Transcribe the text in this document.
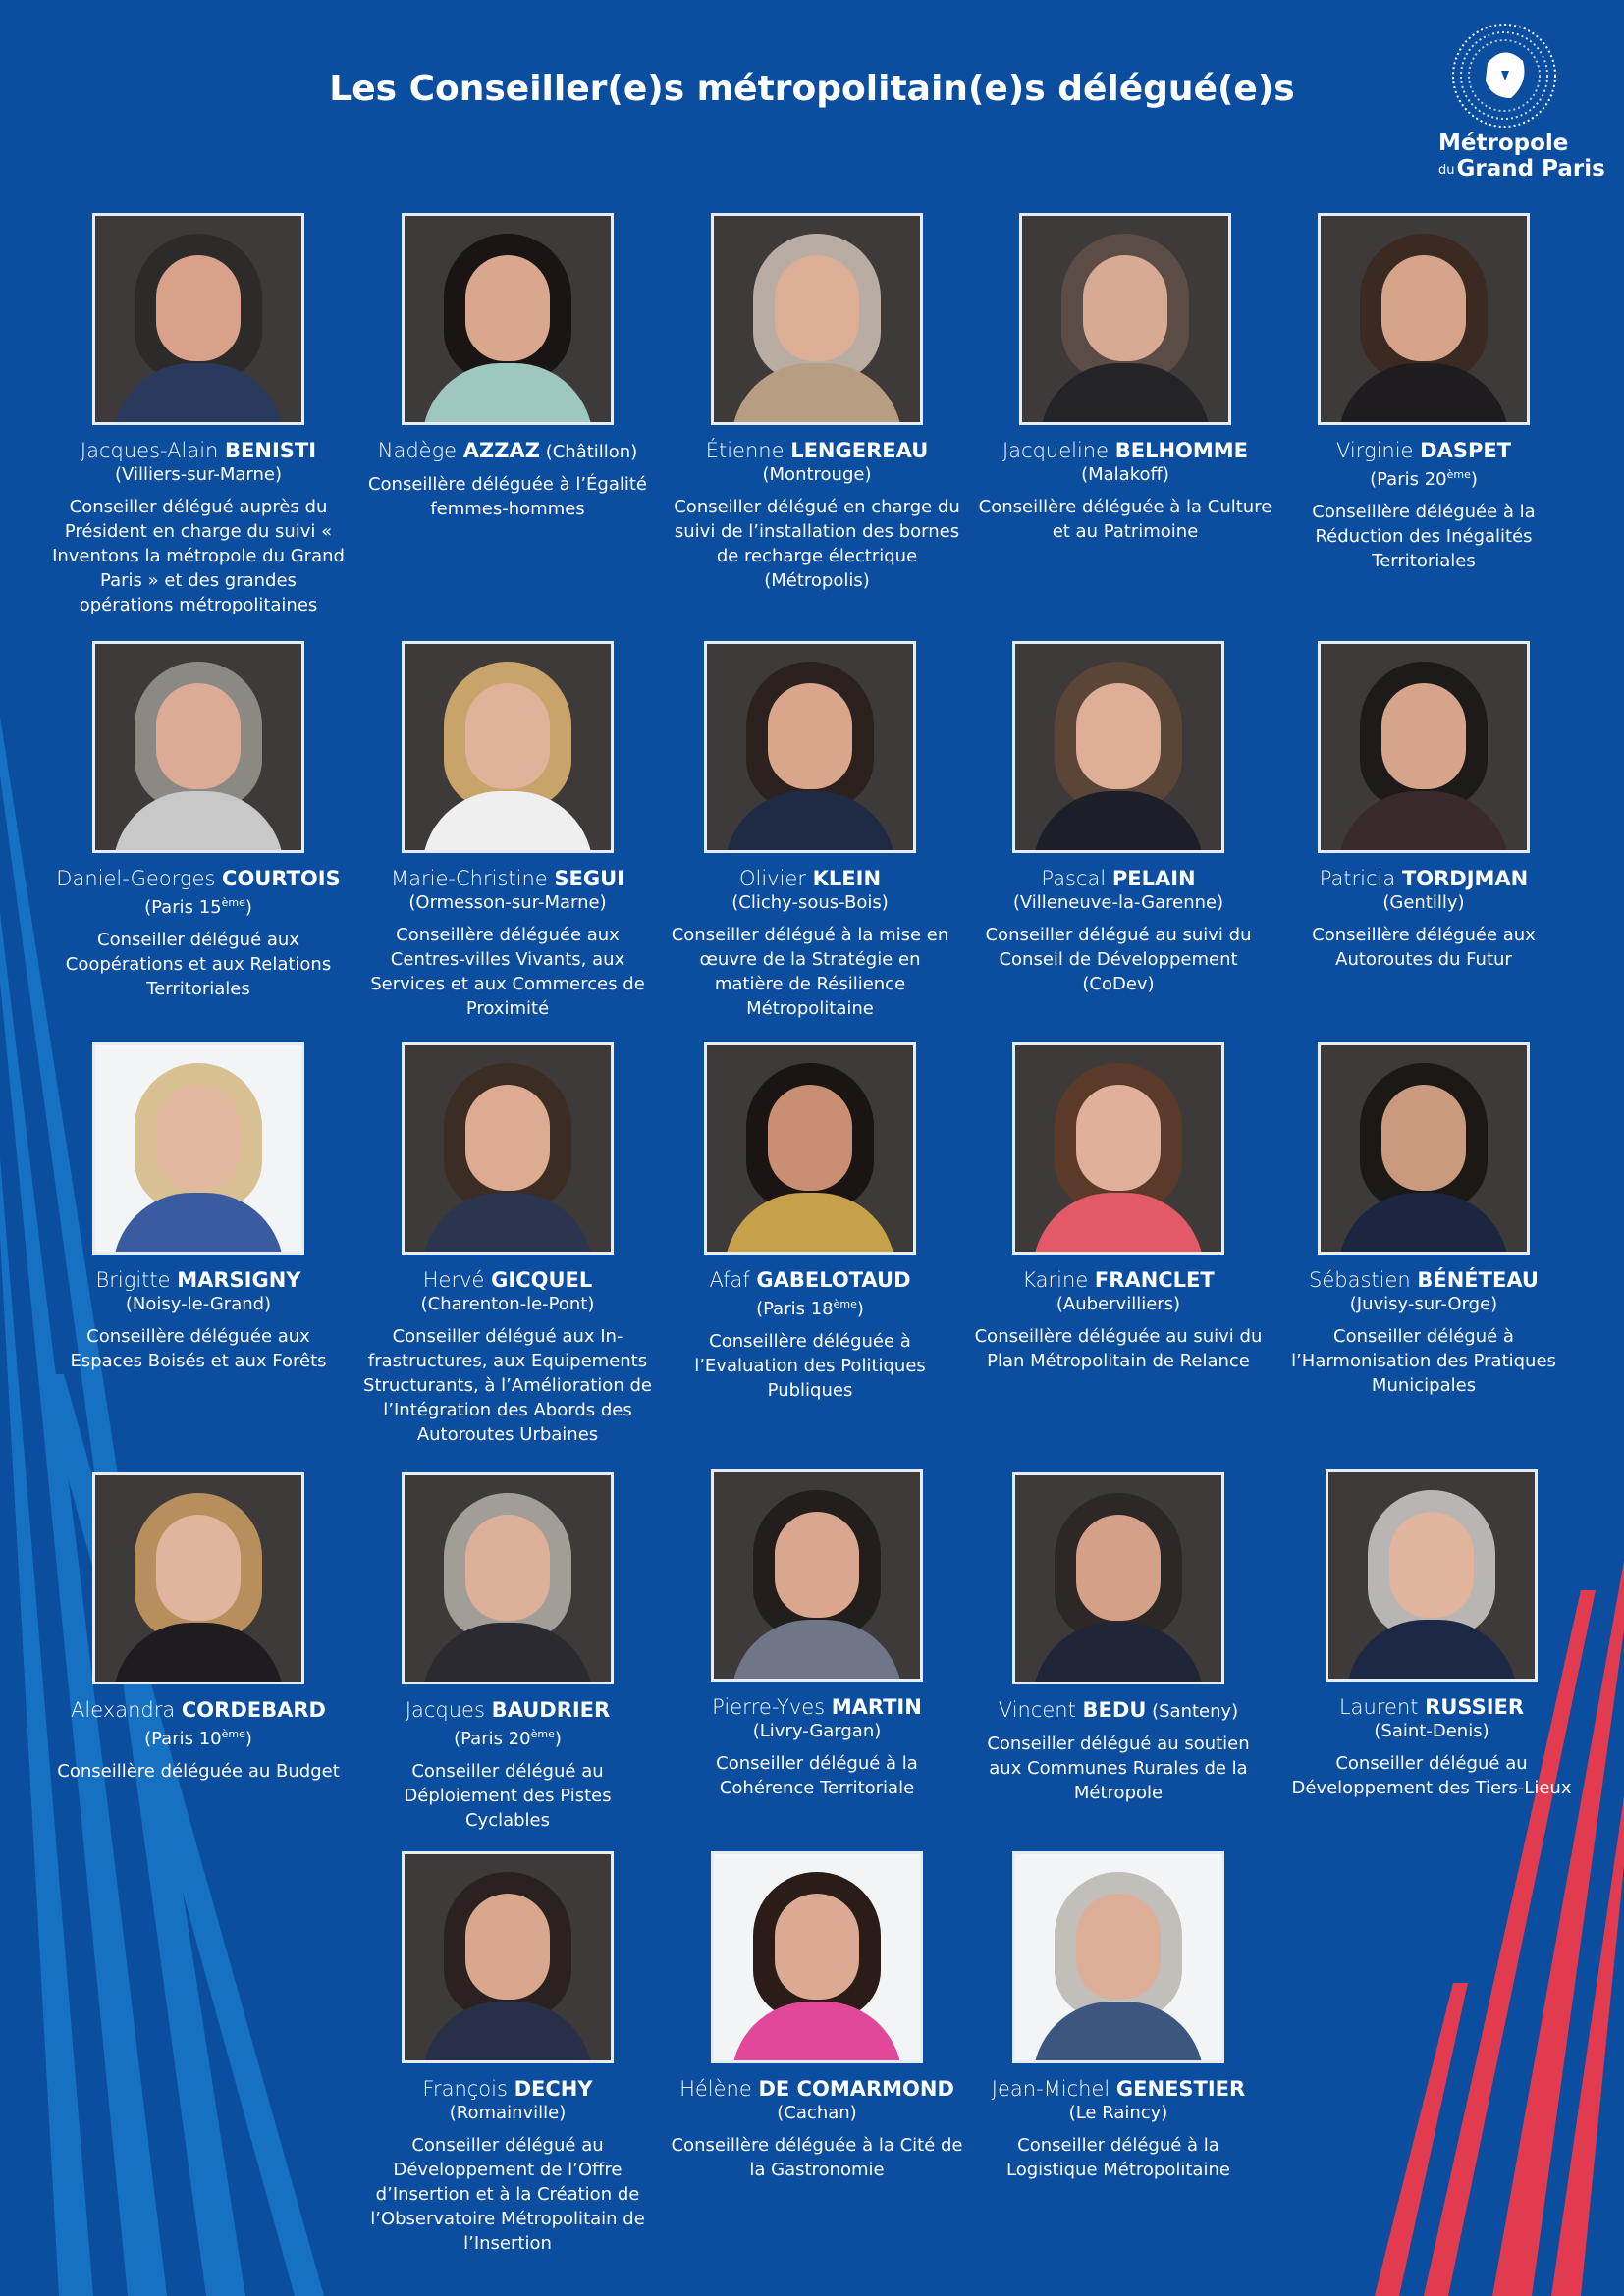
Les Conseiller(e)s métropolitain(e)s délégué(e)s
Métropole
duGrand Paris
Jacques-Alain BENISTI
(Villiers-sur-Marne)
Conseiller délégué auprès du Président en charge du suivi « Inventons la métropole du Grand Paris » et des grandes opérations métropolitaines
Nadège AZZAZ (Châtillon)
Conseillère déléguée à l’Égalité femmes-hommes
Étienne LENGEREAU
(Montrouge)
Conseiller délégué en charge du suivi de l’installation des bornes de recharge électrique (Métropolis)
Jacqueline BELHOMME
(Malakoff)
Conseillère déléguée à la Culture et au Patrimoine
Virginie DASPET
(Paris 20ème)
Conseillère déléguée à la Réduction des Inégalités Territoriales
Daniel-Georges COURTOIS
(Paris 15ème)
Conseiller délégué aux Coopérations et aux Relations Territoriales
Marie-Christine SEGUI
(Ormesson-sur-Marne)
Conseillère déléguée aux Centres-villes Vivants, aux Services et aux Commerces de Proximité
Olivier KLEIN
(Clichy-sous-Bois)
Conseiller délégué à la mise en œuvre de la Stratégie en matière de Résilience Métropolitaine
Pascal PELAIN
(Villeneuve-la-Garenne)
Conseiller délégué au suivi du Conseil de Développement (CoDev)
Patricia TORDJMAN
(Gentilly)
Conseillère déléguée aux Autoroutes du Futur
Brigitte MARSIGNY
(Noisy-le-Grand)
Conseillère déléguée aux Espaces Boisés et aux Forêts
Hervé GICQUEL
(Charenton-le-Pont)
Conseiller délégué aux In-frastructures, aux Equipements Structurants, à l’Amélioration de l’Intégration des Abords des Autoroutes Urbaines
Afaf GABELOTAUD
(Paris 18ème)
Conseillère déléguée à l’Evaluation des Politiques Publiques
Karine FRANCLET
(Aubervilliers)
Conseillère déléguée au suivi du Plan Métropolitain de Relance
Sébastien BÉNÉTEAU
(Juvisy-sur-Orge)
Conseiller délégué à l’Harmonisation des Pratiques Municipales
Alexandra CORDEBARD
(Paris 10ème)
Conseillère déléguée au Budget
Jacques BAUDRIER
(Paris 20ème)
Conseiller délégué au Déploiement des Pistes Cyclables
Pierre-Yves MARTIN
(Livry-Gargan)
Conseiller délégué à la Cohérence Territoriale
Vincent BEDU (Santeny)
Conseiller délégué au soutien aux Communes Rurales de la Métropole
Laurent RUSSIER
(Saint-Denis)
Conseiller délégué au Développement des Tiers-Lieux
François DECHY
(Romainville)
Conseiller délégué au Développement de l’Offre d’Insertion et à la Création de l’Observatoire Métropolitain de l’Insertion
Hélène DE COMARMOND
(Cachan)
Conseillère déléguée à la Cité de la Gastronomie
Jean-Michel GENESTIER
(Le Raincy)
Conseiller délégué à la Logistique Métropolitaine
